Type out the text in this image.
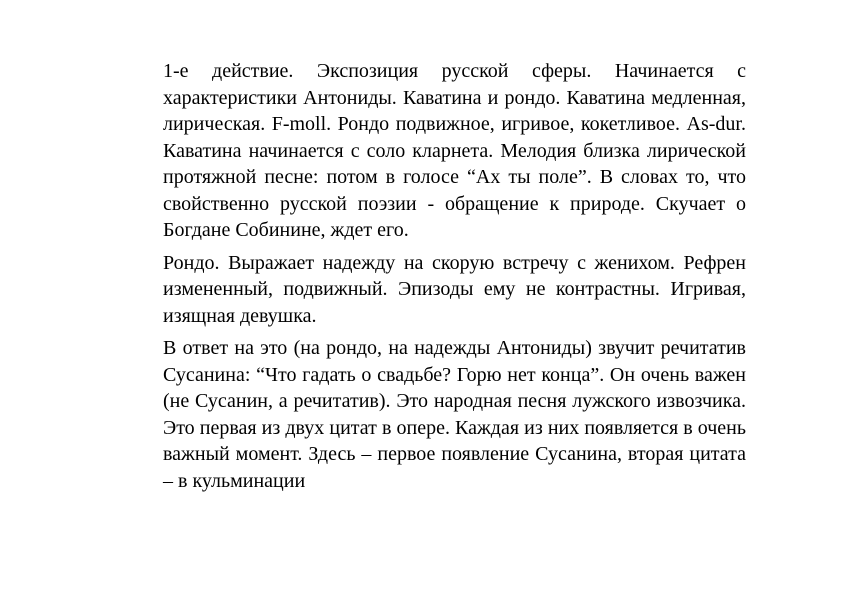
1-е действие. Экспозиция русской сферы. Начинается с характеристики Антониды. Каватина и рондо. Каватина медленная, лирическая. F-moll. Рондо подвижное, игривое, кокетливое. As-dur. Каватина начинается с солo кларнета. Мелодия близка лирической протяжной песне: потом в голосе “Ах ты поле”. В словах то, что свойственно русской поэзии - обращение к природе. Скучает о Богдане Собинине, ждет его.

Рондо. Выражает надежду на скорую встречу с женихом. Рефрен измененный, подвижный. Эпизоды ему не контрастны. Игривая, изящная девушка.

В ответ на это (на рондо, на надежды Антониды) звучит речитатив Сусанина: “Что гадать о свадьбе? Горю нет конца”. Он очень важен (не Сусанин, а речитатив). Это народная песня лужского извозчика. Это первая из двух цитат в опере. Каждая из них появляется в очень важный момент. Здесь – первое появление Сусанина, вторая цитата – в кульминации
